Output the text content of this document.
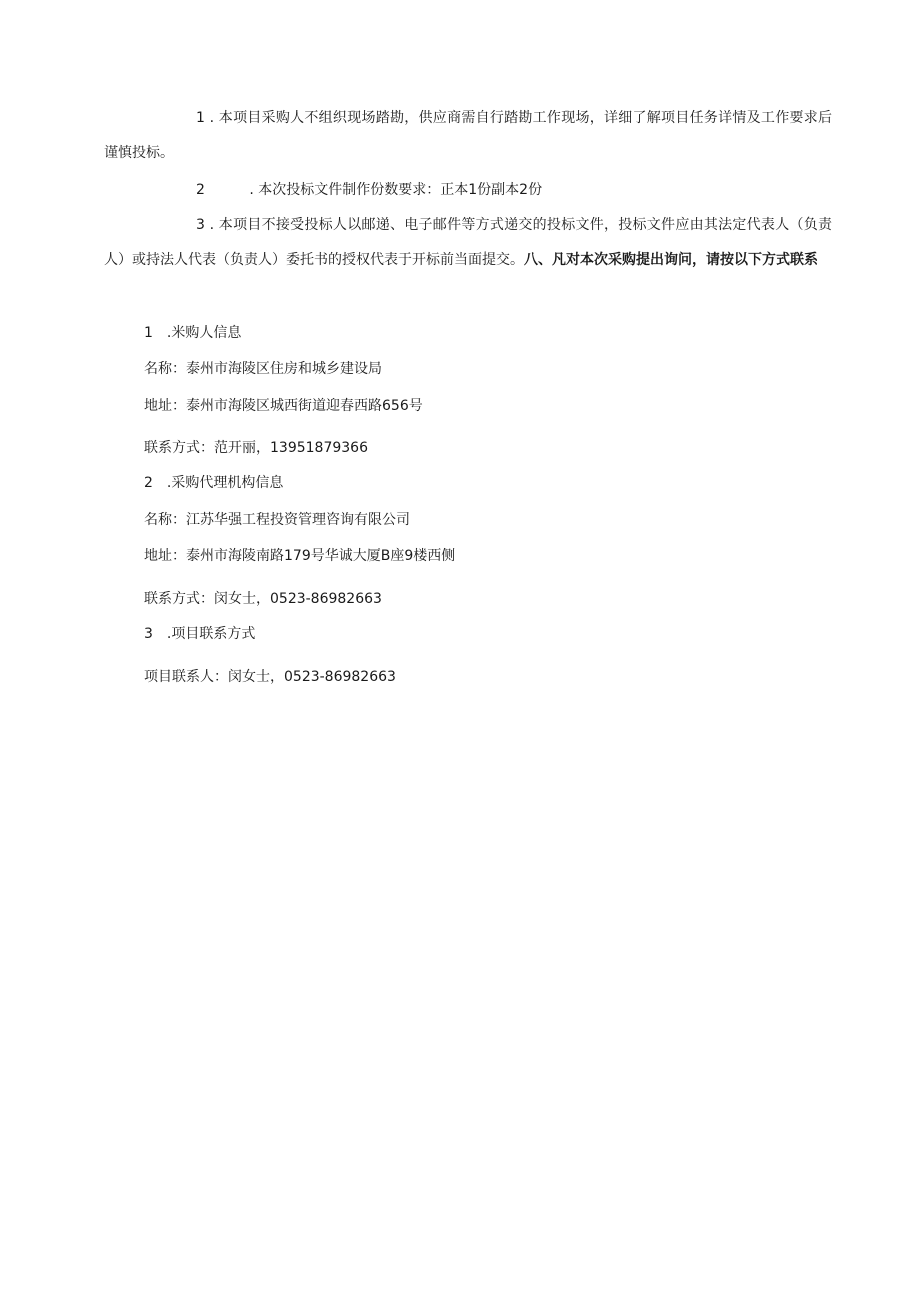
1 . 本项目采购人不组织现场踏勘，供应商需自行踏勘工作现场，详细了解项目任务详情及工作要求后谨慎投标。
2	. 本次投标文件制作份数要求：正本1份副本2份
3 . 本项目不接受投标人以邮递、电子邮件等方式递交的投标文件，投标文件应由其法定代表人（负责人）或持法人代表（负责人）委托书的授权代表于开标前当面提交。八、凡对本次采购提出询问，请按以下方式联系
1 .米购人信息
名称：泰州市海陵区住房和城乡建设局
地址：泰州市海陵区城西街道迎春西路656号
联系方式：范开丽，13951879366
2 .采购代理机构信息
名称：江苏华强工程投资管理咨询有限公司
地址：泰州市海陵南路179号华诚大厦B座9楼西侧
联系方式：闵女士，0523-86982663
3 .项目联系方式
项目联系人：闵女士，0523-86982663
